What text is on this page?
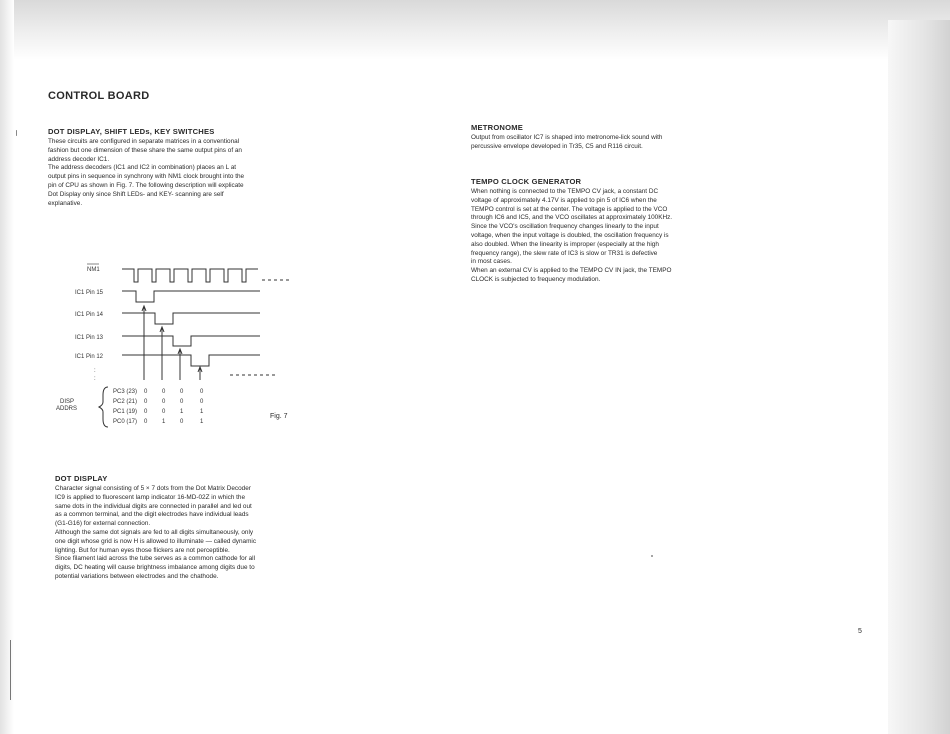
CONTROL BOARD
DOT DISPLAY, SHIFT LEDs, KEY SWITCHES

These circuits are configured in separate matrices in a conventional
fashion but one dimension of these share the same output pins of an
address decoder IC1.
The address decoders (IC1 and IC2 in combination) places an L at
output pins in sequence in synchrony with NM1 clock brought into the
pin of CPU as shown in Fig. 7. The following description will explicate
Dot Display only since Shift LEDs- and KEY- scanning are self
explanative.

NM1
IC1 Pin 15
IC1 Pin 14
IC1 Pin 13
IC1 Pin 12
:
:
DISP
ADDRS
PC3 (23) 0 0 0	0
PC2 (21) 0 0 0	0
PC1 (19) 0 0 1	1
PC0 (17) 0 1 0	1
Fig. 7
DOT DISPLAY

Character signal consisting of 5 × 7 dots from the Dot Matrix Decoder
IC9 is applied to fluorescent lamp indicator 16-MD-02Z in which the
same dots in the individual digits are connected in parallel and led out
as a common terminal, and the digit electrodes have individual leads
(G1-G16) for external connection.
Although the same dot signals are fed to all digits simultaneously, only
one digit whose grid is now H is allowed to illuminate — called dynamic
lighting. But for human eyes those flickers are not perceptible.
Since filament laid across the tube serves as a common cathode for all
digits, DC heating will cause brightness imbalance among digits due to
potential variations between electrodes and the chathode.

METRONOME

Output from oscillator IC7 is shaped into metronome-lick sound with
percussive envelope developed in Tr35, C5 and R116 circuit.

TEMPO CLOCK GENERATOR

When nothing is connected to the TEMPO CV jack, a constant DC
voltage of approximately 4.17V is applied to pin 5 of IC6 when the
TEMPO control is set at the center. The voltage is applied to the VCO
through IC6 and IC5, and the VCO oscillates at approximately 100KHz.
Since the VCO's oscillation frequency changes linearly to the input
voltage, when the input voltage is doubled, the oscillation frequency is
also doubled. When the linearity is improper (especially at the high
frequency range), the slew rate of IC3 is slow or TR31 is defective
in most cases.
When an external CV is applied to the TEMPO CV IN jack, the TEMPO
CLOCK is subjected to frequency modulation.

5
